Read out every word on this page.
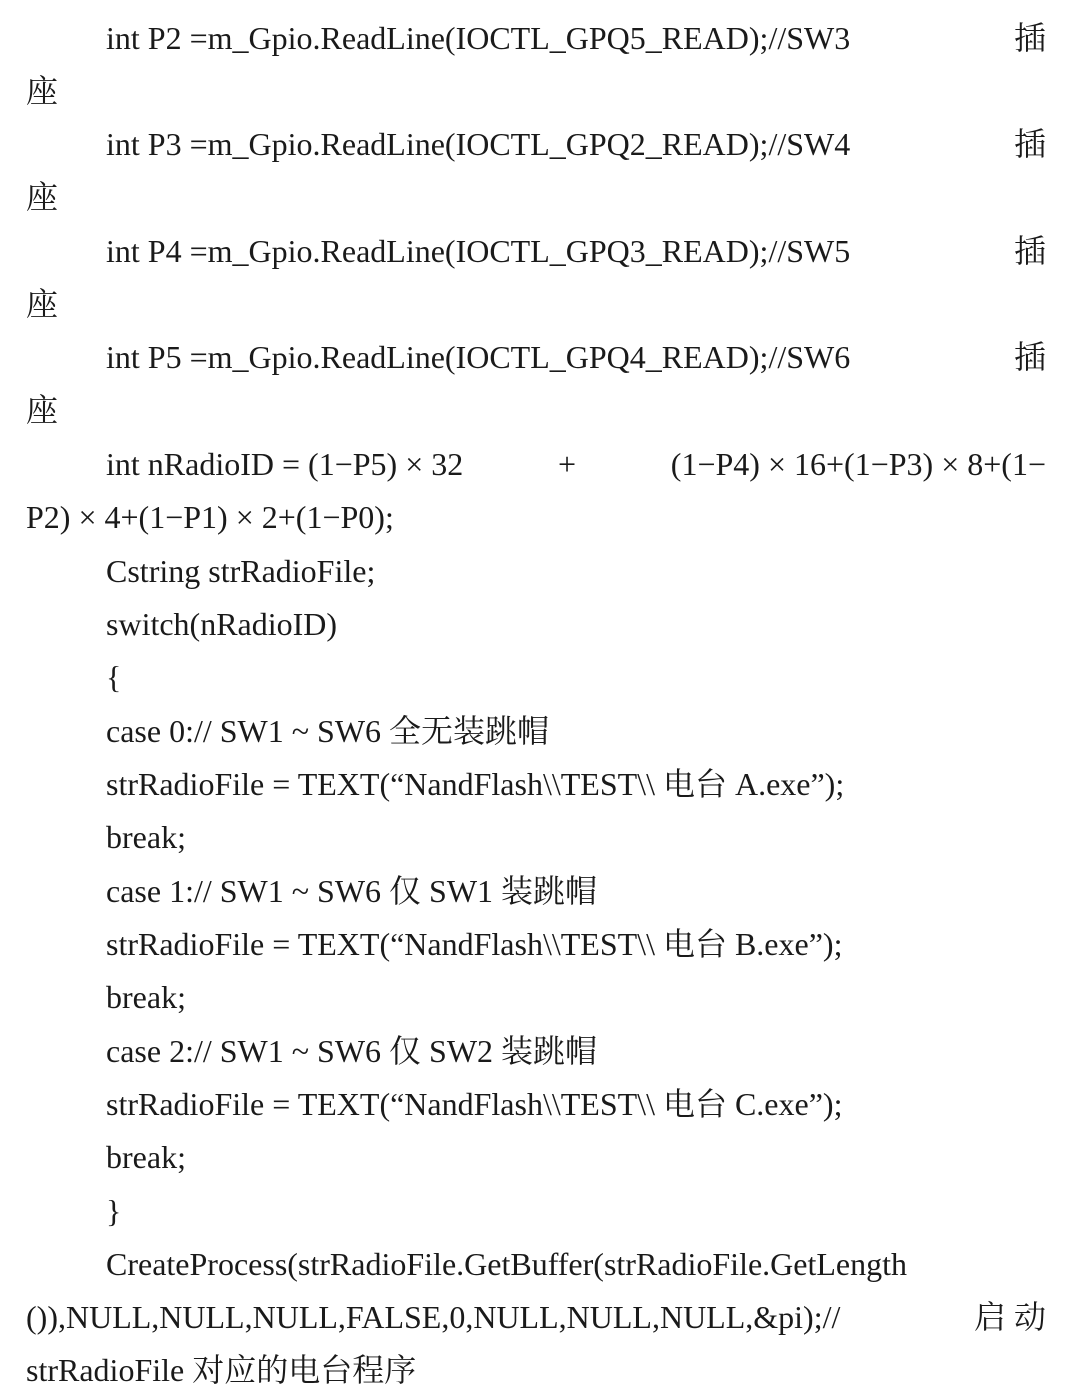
int P2 =m_Gpio.ReadLine(IOCTL_GPQ5_READ);//SW3	插
座
int P3 =m_Gpio.ReadLine(IOCTL_GPQ2_READ);//SW4	插
座
int P4 =m_Gpio.ReadLine(IOCTL_GPQ3_READ);//SW5	插
座
int P5 =m_Gpio.ReadLine(IOCTL_GPQ4_READ);//SW6	插
座
int nRadioID = (1−P5) × 32	+	(1−P4) × 16+(1−P3) × 8+(1−
P2) × 4+(1−P1) × 2+(1−P0);
Cstring strRadioFile;
switch(nRadioID)
{
case 0:// SW1 ~ SW6 全无装跳帽
strRadioFile = TEXT(“NandFlash\\TEST\\ 电台 A.exe”);
break;
case 1:// SW1 ~ SW6 仅 SW1 装跳帽
strRadioFile = TEXT(“NandFlash\\TEST\\ 电台 B.exe”);
break;
case 2:// SW1 ~ SW6 仅 SW2 装跳帽
strRadioFile = TEXT(“NandFlash\\TEST\\ 电台 C.exe”);
break;
}
CreateProcess(strRadioFile.GetBuffer(strRadioFile.GetLength
()),NULL,NULL,NULL,FALSE,0,NULL,NULL,NULL,&pi);//	启 动
strRadioFile 对应的电台程序
